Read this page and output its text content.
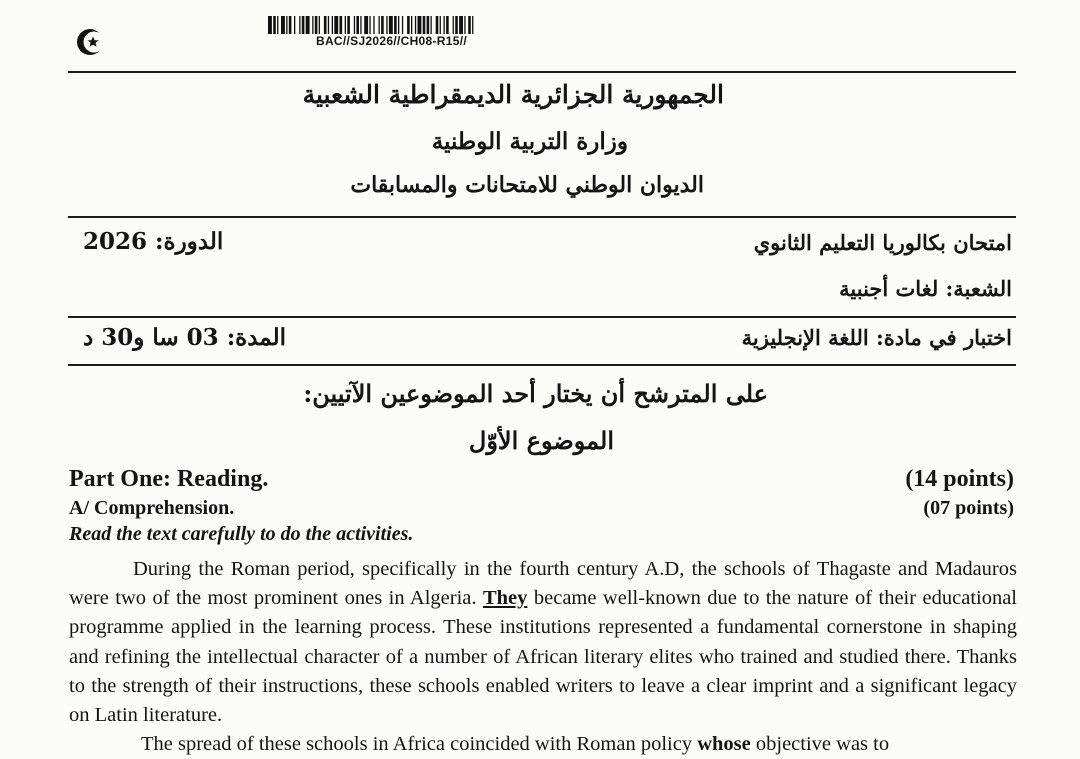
BAC//SJ2026//CH08-R15//
الجمهورية الجزائرية الديمقراطية الشعبية
وزارة التربية الوطنية
الديوان الوطني للامتحانات والمسابقات
امتحان بكالوريا التعليم الثانوي
الدورة: 2026
الشعبة: لغات أجنبية
اختبار في مادة: اللغة الإنجليزية
المدة: 03 سا و30 د
على المترشح أن يختار أحد الموضوعين الآتيين:
الموضوع الأوّل
Part One: Reading.	(14 points)
A/ Comprehension.	(07 points)
Read the text carefully to do the activities.
During the Roman period, specifically in the fourth century A.D, the schools of Thagaste and Madauros were two of the most prominent ones in Algeria. They became well-known due to the nature of their educational programme applied in the learning process. These institutions represented a fundamental cornerstone in shaping and refining the intellectual character of a number of African literary elites who trained and studied there. Thanks to the strength of their instructions, these schools enabled writers to leave a clear imprint and a significant legacy on Latin literature.
The spread of these schools in Africa coincided with Roman policy whose objective was to
